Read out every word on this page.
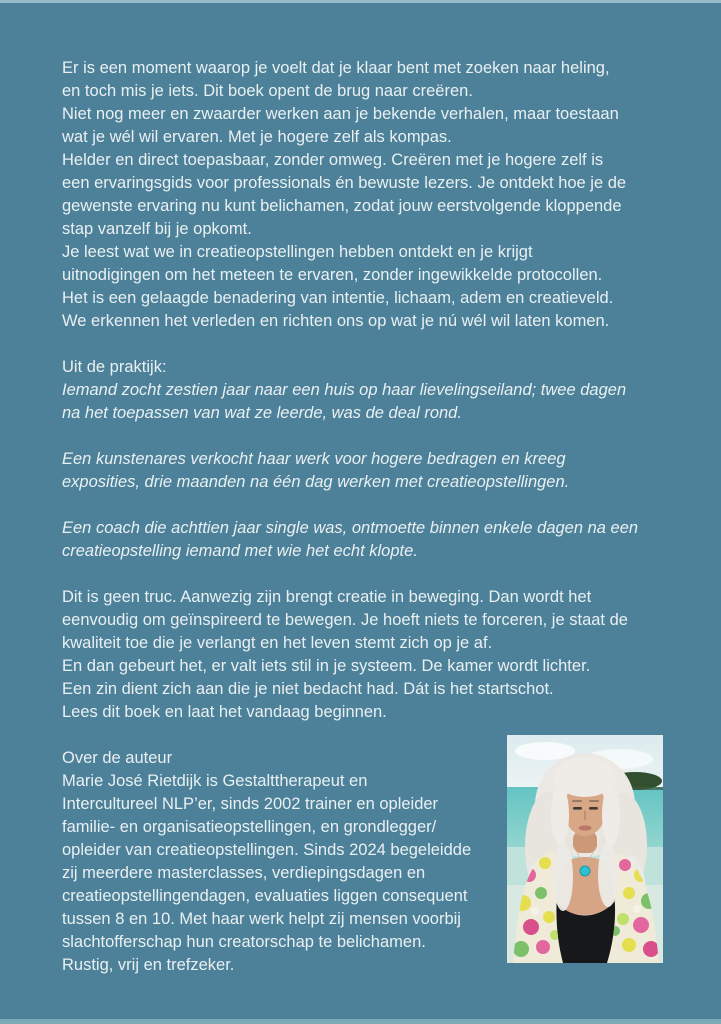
Er is een moment waarop je voelt dat je klaar bent met zoeken naar heling,
en toch mis je iets. Dit boek opent de brug naar creëren.
Niet nog meer en zwaarder werken aan je bekende verhalen, maar toestaan
wat je wél wil ervaren. Met je hogere zelf als kompas.
Helder en direct toepasbaar, zonder omweg. Creëren met je hogere zelf is
een ervaringsgids voor professionals én bewuste lezers. Je ontdekt hoe je de
gewenste ervaring nu kunt belichamen, zodat jouw eerstvolgende kloppende
stap vanzelf bij je opkomt.
Je leest wat we in creatieopstellingen hebben ontdekt en je krijgt
uitnodigingen om het meteen te ervaren, zonder ingewikkelde protocollen.
Het is een gelaagde benadering van intentie, lichaam, adem en creatieveld.
We erkennen het verleden en richten ons op wat je nú wél wil laten komen.
Uit de praktijk:
Iemand zocht zestien jaar naar een huis op haar lievelingseiland; twee dagen
na het toepassen van wat ze leerde, was de deal rond.
Een kunstenares verkocht haar werk voor hogere bedragen en kreeg
exposities, drie maanden na één dag werken met creatieopstellingen.
Een coach die achttien jaar single was, ontmoette binnen enkele dagen na een
creatieopstelling iemand met wie het echt klopte.
Dit is geen truc. Aanwezig zijn brengt creatie in beweging. Dan wordt het
eenvoudig om geïnspireerd te bewegen. Je hoeft niets te forceren, je staat de
kwaliteit toe die je verlangt en het leven stemt zich op je af.
En dan gebeurt het, er valt iets stil in je systeem. De kamer wordt lichter.
Een zin dient zich aan die je niet bedacht had. Dát is het startschot.
Lees dit boek en laat het vandaag beginnen.
Over de auteur
Marie José Rietdijk is Gestalttherapeut en
Intercultureel NLP’er, sinds 2002 trainer en opleider
familie- en organisatieopstellingen, en grondlegger/
opleider van creatieopstellingen. Sinds 2024 begeleidde
zij meerdere masterclasses, verdiepingsdagen en
creatieopstellingendagen, evaluaties liggen consequent
tussen 8 en 10. Met haar werk helpt zij mensen voorbij
slachtofferschap hun creatorschap te belichamen.
Rustig, vrij en trefzeker.
